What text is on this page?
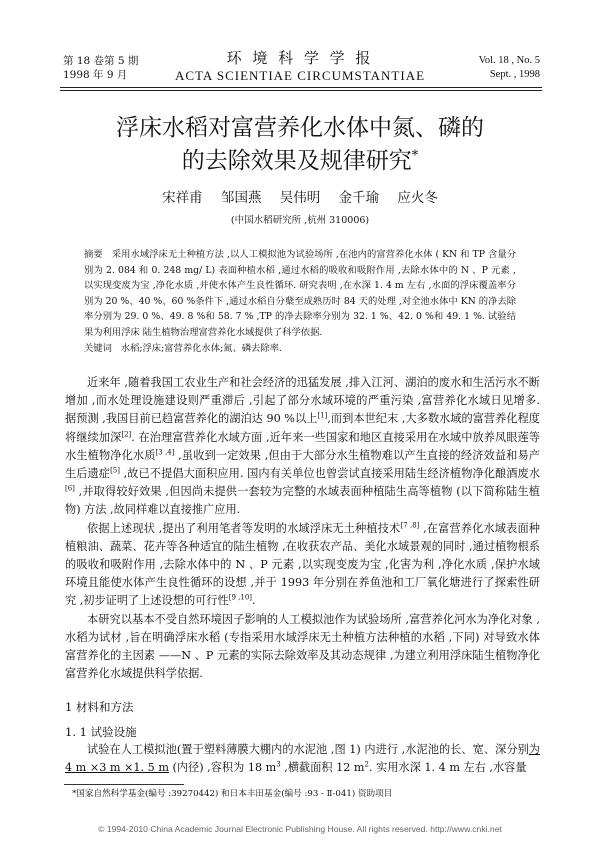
第 18 卷第 5 期
1998 年 9 月
环 境 科 学 学 报
ACTA SCIENTIAE CIRCUMSTANTIAE
Vol. 18 , No. 5
Sept. , 1998
浮床水稻对富营养化水体中氮、磷的
的去除效果及规律研究*
宋祥甫 邹国燕 吴伟明 金千瑜 应火冬
(中国水稻研究所 ,杭州 310006)

摘要 采用水域浮床无土种植方法 ,以人工模拟池为试验场所 ,在池内的富营养化水体 ( KN 和 TP 含量分别为 2. 084 和 0. 248 mg/ L) 表面种植水稻 ,通过水稻的吸收和吸附作用 ,去除水体中的 N 、P 元素 ,以实现变废为宝 ,净化水质 ,并使水体产生良性循环. 研究表明 ,在水深 1. 4 m 左右 ,水面的浮床覆盖率分别为 20 %、40 %、60 %条件下 ,通过水稻自分蘖至成熟历时 84 天的处理 ,对全池水体中 KN 的净去除率分别为 29. 0 %、49. 8 %和 58. 7 % ,TP 的净去除率分别为 32. 1 %、42. 0 %和 49. 1 %. 试验结果为利用浮床 陆生植物治理富营养化水域提供了科学依据.

关键词 水稻;浮床;富营养化水体;氮、磷去除率.

近来年 ,随着我国工农业生产和社会经济的迅猛发展 ,排入江河、湖泊的废水和生活污水不断增加 ,而水处理设施建设则严重滞后 ,引起了部分水域环境的严重污染 ,富营养化水域日见增多. 据预测 ,我国目前已趋富营养化的湖泊达 90 %以上[1],而到本世纪末 ,大多数水域的富营养化程度将继续加深[2]. 在治理富营养化水域方面 ,近年来一些国家和地区直接采用在水域中放养凤眼莲等水生植物净化水质[3 ,4] ,虽收到一定效果 ,但由于大部分水生植物难以产生直接的经济效益和易产生后遗症[5] ,故已不提倡大面积应用. 国内有关单位也曾尝试直接采用陆生经济植物净化酿酒废水[6] ,并取得较好效果 ,但因尚未提供一套较为完整的水域表面种植陆生高等植物 (以下简称陆生植物) 方法 ,故同样难以直接推广应用.

依据上述现状 ,提出了利用笔者等发明的水域浮床无土种植技术[7 ,8] ,在富营养化水域表面种植粮油、蔬菜、花卉等各种适宜的陆生植物 ,在收获农产品、美化水域景观的同时 ,通过植物根系的吸收和吸附作用 ,去除水体中的 N 、P 元素 ,以实现变废为宝 ,化害为利 ,净化水质 ,保护水域环境且能使水体产生良性循环的设想 ,并于 1993 年分别在养鱼池和工厂氧化塘进行了探索性研究 ,初步证明了上述设想的可行性[9 ,10].

本研究以基本不受自然环境因子影响的人工模拟池作为试验场所 ,富营养化河水为净化对象 ,水稻为试材 ,旨在明确浮床水稻 (专指采用水域浮床无土种植方法种植的水稻 ,下同) 对导致水体富营养化的主因素 ——N 、P 元素的实际去除效率及其动态规律 ,为建立利用浮床陆生植物净化富营养化水域提供科学依据.

1 材料和方法
1. 1 试验设施

试验在人工模拟池(置于塑料薄膜大棚内的水泥池 ,图 1) 内进行 ,水泥池的长、宽、深分别为 4 m ×3 m ×1. 5 m (内径) ,容积为 18 $m^3$ ,横截面积 12 $m^2$. 实用水深 1. 4 m 左右 ,水容量

*国家自然科学基金(编号 :39270442) 和日本丰田基金(编号 :93 - Ⅱ-041) 资助项目
© 1994-2010 China Academic Journal Electronic Publishing House. All rights reserved. http://www.cnki.net
